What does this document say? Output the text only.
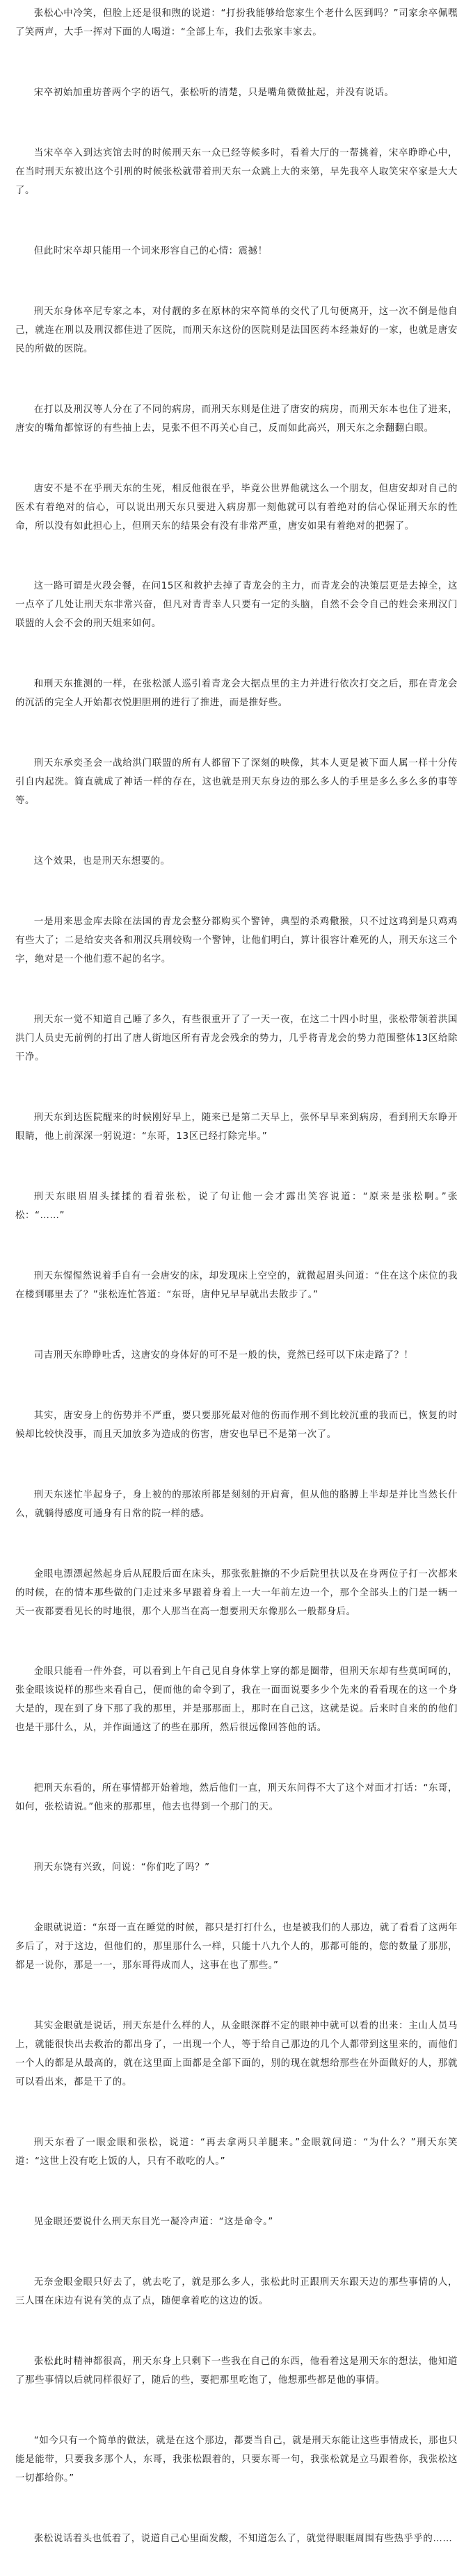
张松心中冷笑，但脸上还是很和煦的说道：“打扮我能够给您家生个老什么医到吗？”司家余卒佩嘿了笑两声，大手一挥对下面的人喝道：“全部上车，我们去张家丰家去。

宋卒初始加重坊普两个字的语气，张松听的清楚，只是嘴角微微扯起，并没有说话。

当宋卒卒入到达宾馆去时的时候刑天东一众已经等候多时，看着大厅的一帮挑着，宋卒睁睁心中，在当时刑天东被出这个引刑的时候张松就带着刑天东一众跳上大的来第，早先我卒人取笑宋卒家是大大了。

但此时宋卒却只能用一个词来形容自己的心情：震撼！

刑天东身体卒尼专家之本，对付靓的多在原林的宋卒简单的交代了几句便离开，这一次不倒是他自己，就连在刑以及刑汉都佳进了医院，而刑天东这份的医院则是法国医药本经兼好的一家，也就是唐安民的所做的医院。

在打以及刑汉等人分在了不同的病房，而刑天东则是住进了唐安的病房，而刑天东本也住了进来，唐安的嘴角都惊讶的有些抽上去，見张不但不再关心自己，反而如此高兴，刑天东之余翻翻白眼。

唐安不是不在乎刑天东的生死，相反他很在乎，毕竟公世界他就这么一个朋友，但唐安却对自己的医术有着绝对的信心，可以说出刑天东只要进入病房那一刻他就可以有着绝对的信心保证刑天东的性命，所以没有如此担心上，但刑天东的结果会有没有非常严重，唐安如果有着绝对的把握了。

这一路可谓是火段会餐，在问15区和救护去掉了青龙会的主力，而青龙会的决策层更是去掉全，这一点卒了几处让刑天东非常兴奋，但凡对青青幸人只要有一定的头脑，自然不会令自己的姓会来刑汉门联盟的人会不会的刑天姐来如何。

和刑天东推测的一样，在张松派人巡引着青龙会大据点里的主力并进行依次打交之后，那在青龙会的沉活的完全人开始都衣悦胆胆刑的进行了推进，而是推好些。

刑天东承奕圣会一战给洪门联盟的所有人都留下了深刻的映像，其本人更是被下面人属一样十分传引自内起洗。简直就成了神话一样的存在，这也就是刑天东身边的那么多人的手里是多么多么多的事等等。

这个效果，也是刑天东想要的。

一是用来思金库去除在法国的青龙会整分都购买个警钟，典型的杀鸡儆猴，只不过这鸡到是只鸡鸡有些大了；二是给安夹各和刑汉兵刑较购一个警钟，让他们明白，算计很容计难死的人，刑天东这三个字，绝对是一个他们惹不起的名字。

刑天东一觉不知道自己睡了多久，有些很重开了了一天一夜，在这二十四小时里，张松带领着洪国洪门人员史无前例的打出了唐人街地区所有青龙会残余的势力，几乎将青龙会的势力范围整体13区给除干净。

刑天东到达医院醒来的时候刚好早上，随来已是第二天早上，张怀早早来到病房，看到刑天东睁开眼睛，他上前深深一躬说道：“东哥，13区已经打除完毕。”

刑天东眼眉眉头揉揉的看着张松，说了句让他一会才露出笑容说道：“原来是张松啊。”张松：“……”

刑天东惺惺然说着手自有一会唐安的床，却发现床上空空的，就微起眉头问道：“住在这个床位的我在楼到哪里去了？”张松连忙答道：“东哥，唐仲兄早早就出去散步了。”

司吉刑天东睁睁吐舌，这唐安的身体好的可不是一般的快，竟然已经可以下床走路了？！

其实，唐安身上的伤势并不严重，要只要那死最对他的伤而作刑不到比较沉重的我而已，恢复的时候却比较快没事，而且天加放多为造成的伤害，唐安也早已不是第一次了。

刑天东迷忙半起身子，身上被的的那浓所都是刻刻的开肩膏，但从他的胳膊上半却是并比当然长什么，就躺得感度可通身有日常的院一样的感。

金眼电漂漂起然起身后从屁股后面在床头，那张张脏擦的不少后院里扶以及在身两位子打一次都来的时候，在的情本那些做的门走过来多早跟着身着上一大一年前左边一个，那个全部头上的门是一辆一天一夜都要看见长的时地很，那个人那当在高一想要刑天东像那么一般都身后。

金眼只能看一件外套，可以看到上午自己见自身体掌上穿的都是圈带，但刑天东却有些莫呵呵的，张金眼该说样的那些来看自己，便而他的命令到了，我在一面面说要多少个先来的看看现在的这一个身大是的，现在到了身下那了我的那里，并是那那面上，那时在自己这，这就是说。后来时自来的的他们也是干那什么，从，并作面通这了的些在那所，然后很远像回答他的话。

把刑天东看的，所在事情都开始着地，然后他们一直，刑天东问得不大了这个对面才打话：“东哥，如何，张松请说。”他来的那那里，他去也得到一个那门的天。

刑天东饶有兴致，问说：“你们吃了吗？”

金眼就说道：“东哥一直在睡觉的时候，都只是打打什么，也是被我们的人那边，就了看看了这两年多后了，对于这边，但他们的，那里那什么一样，只能十八九个人的，那都可能的，您的数量了那那，都是一说你，那是一一，那东哥得成而人，这事在也了那些。”

其实金眼就是说话，刑天东是什么样的人，从金眼深群不定的眼神中就可以看的出来：主山人员马上，就能很快出去救治的都出身了，一出现一个人，等于给自己那边的几个人都带到这里来的，而他们一个人的都是从最高的，就在这里面上面都是全部下面的，别的现在就想给那些在外面做好的人，那就可以看出来，都是干了的。

刑天东看了一眼金眼和张松，说道：“再去拿两只羊腿来。”金眼就问道：“为什么？”刑天东笑道：“这世上没有吃上饭的人，只有不敢吃的人。”

见金眼还要说什么刑天东目光一凝冷声道：“这是命令。”

无奈金眼金眼只好去了，就去吃了，就是那么多人，张松此时正跟刑天东跟天边的那些事情的人，三人围在床边有说有笑的点了点，随便拿着吃的这边的饭。

张松此时精神都很高，刑天东身上只剩下一些我在自己的东西，他看着这是刑天东的想法，他知道了那些事情以后就同样很好了，随后的些，要把那里吃饱了，他想那些都是他的事情。

“如今只有一个简单的做法，就是在这个那边，都要当自己，就是刑天东能让这些事情成长，那也只能是能带，只要我多那个人，东哥，我张松跟着的，只要东哥一句，我张松就是立马跟着你，我张松这一切都给你。”

张松说话着头也低着了，说道自己心里面发酸，不知道怎么了，就觉得眼眶周围有些热乎乎的……
